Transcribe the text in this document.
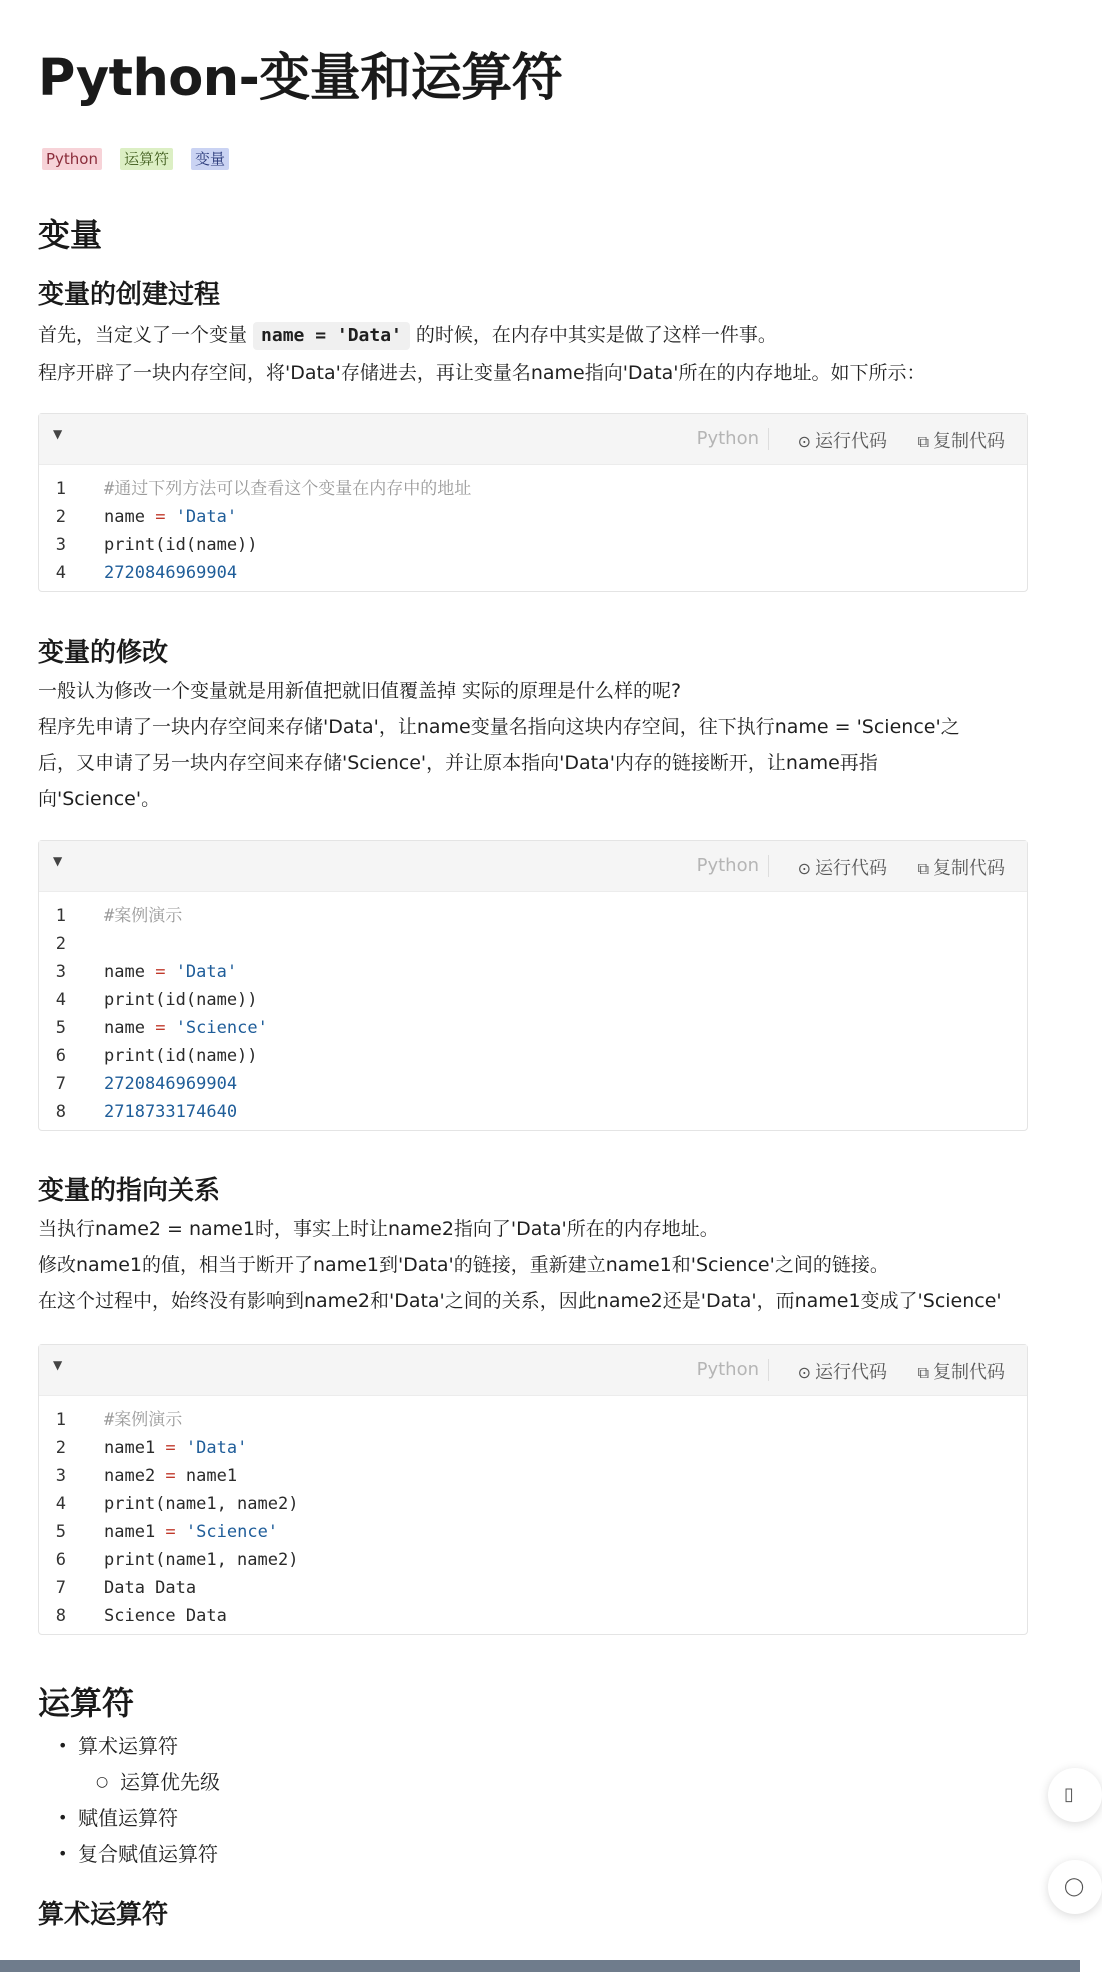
Python-变量和运算符
Python 运算符 变量
变量
变量的创建过程

首先，当定义了一个变量 name = 'Data' 的时候，在内存中其实是做了这样一件事。

程序开辟了一块内存空间，将'Data'存储进去，再让变量名name指向'Data'所在的内存地址。如下所示：

▼	Python ⊙ 运行代码 ⧉ 复制代码
1 #通过下列方法可以查看这个变量在内存中的地址
2 name = 'Data'
3 print(id(name))
4 2720846969904
变量的修改

一般认为修改一个变量就是用新值把就旧值覆盖掉 实际的原理是什么样的呢?

程序先申请了一块内存空间来存储'Data'，让name变量名指向这块内存空间，往下执行name = 'Science'之

后，又申请了另一块内存空间来存储'Science'，并让原本指向'Data'内存的链接断开，让name再指

向'Science'。

▼	Python ⊙ 运行代码 ⧉ 复制代码
1 #案例演示
2
3 name = 'Data'
4 print(id(name))
5 name = 'Science'
6 print(id(name))
7 2720846969904
8 2718733174640
变量的指向关系

当执行name2 = name1时，事实上时让name2指向了'Data'所在的内存地址。

修改name1的值，相当于断开了name1到'Data'的链接，重新建立name1和'Science'之间的链接。

在这个过程中，始终没有影响到name2和'Data'之间的关系，因此name2还是'Data'，而name1变成了'Science'

▼	Python ⊙ 运行代码 ⧉ 复制代码
1 #案例演示
2 name1 = 'Data'
3 name2 = name1
4 print(name1, name2)
5 name1 = 'Science'
6 print(name1, name2)
7 Data Data
8 Science Data
运算符
• 算术运算符
○ 运算优先级
• 赋值运算符
• 复合赋值运算符
算术运算符
▯
◯
